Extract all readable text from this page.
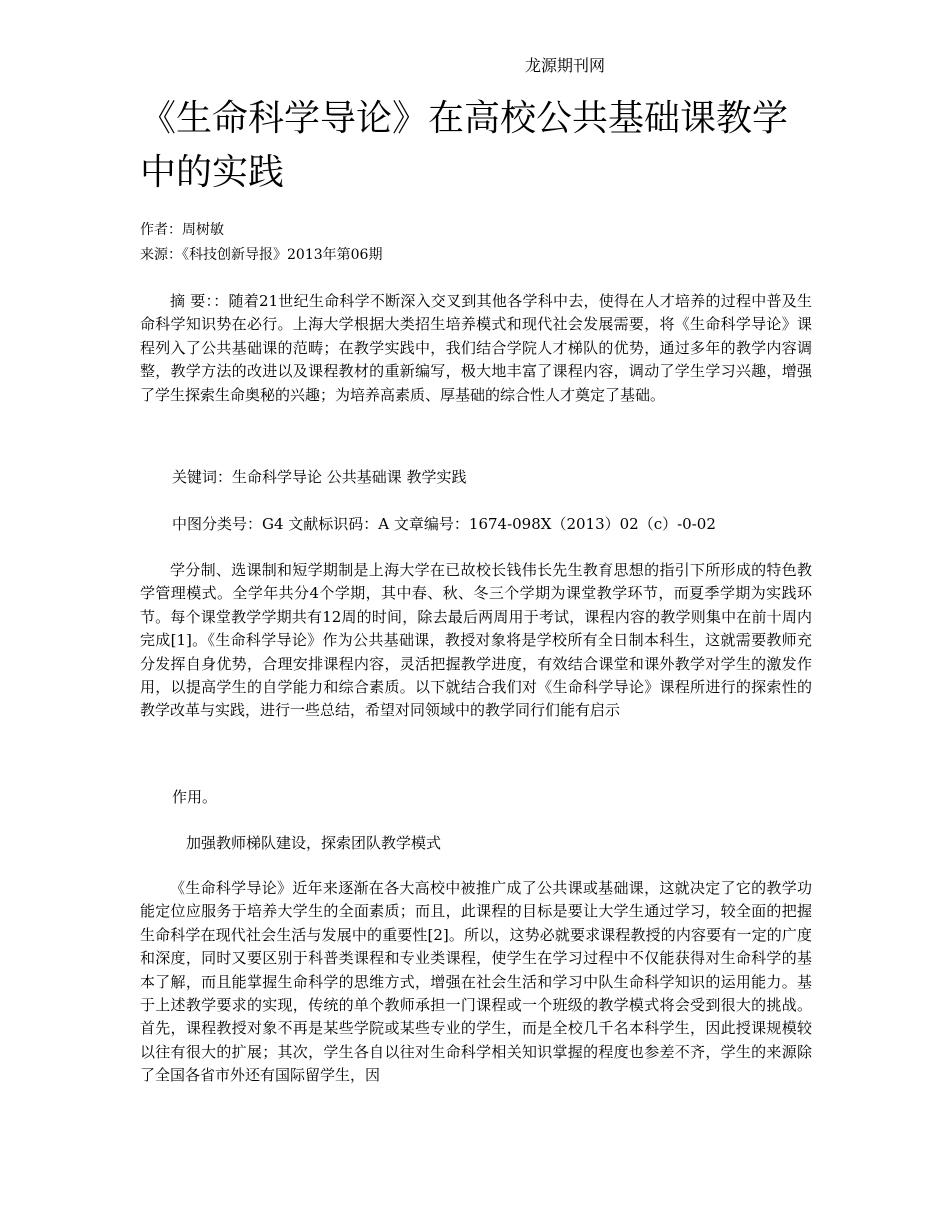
龙源期刊网
《生命科学导论》在高校公共基础课教学中的实践
作者：周树敏
来源：《科技创新导报》2013年第06期

摘 要：：随着21世纪生命科学不断深入交叉到其他各学科中去，使得在人才培养的过程中普及生命科学知识势在必行。上海大学根据大类招生培养模式和现代社会发展需要，将《生命科学导论》课程列入了公共基础课的范畴；在教学实践中，我们结合学院人才梯队的优势，通过多年的教学内容调整，教学方法的改进以及课程教材的重新编写，极大地丰富了课程内容，调动了学生学习兴趣，增强了学生探索生命奥秘的兴趣；为培养高素质、厚基础的综合性人才奠定了基础。

关键词：生命科学导论 公共基础课 教学实践

中图分类号：G4 文献标识码：A 文章编号：1674-098X（2013）02（c）-0-02

学分制、选课制和短学期制是上海大学在已故校长钱伟长先生教育思想的指引下所形成的特色教学管理模式。全学年共分4个学期，其中春、秋、冬三个学期为课堂教学环节，而夏季学期为实践环节。每个课堂教学学期共有12周的时间，除去最后两周用于考试，课程内容的教学则集中在前十周内完成[1]。《生命科学导论》作为公共基础课，教授对象将是学校所有全日制本科生，这就需要教师充分发挥自身优势，合理安排课程内容，灵活把握教学进度，有效结合课堂和课外教学对学生的激发作用，以提高学生的自学能力和综合素质。以下就结合我们对《生命科学导论》课程所进行的探索性的教学改革与实践，进行一些总结，希望对同领域中的教学同行们能有启示

作用。

加强教师梯队建设，探索团队教学模式

《生命科学导论》近年来逐渐在各大高校中被推广成了公共课或基础课，这就决定了它的教学功能定位应服务于培养大学生的全面素质；而且，此课程的目标是要让大学生通过学习，较全面的把握生命科学在现代社会生活与发展中的重要性[2]。所以，这势必就要求课程教授的内容要有一定的广度和深度，同时又要区别于科普类课程和专业类课程，使学生在学习过程中不仅能获得对生命科学的基本了解，而且能掌握生命科学的思维方式，增强在社会生活和学习中队生命科学知识的运用能力。基于上述教学要求的实现，传统的单个教师承担一门课程或一个班级的教学模式将会受到很大的挑战。首先，课程教授对象不再是某些学院或某些专业的学生，而是全校几千名本科学生，因此授课规模较以往有很大的扩展；其次，学生各自以往对生命科学相关知识掌握的程度也参差不齐，学生的来源除了全国各省市外还有国际留学生，因
